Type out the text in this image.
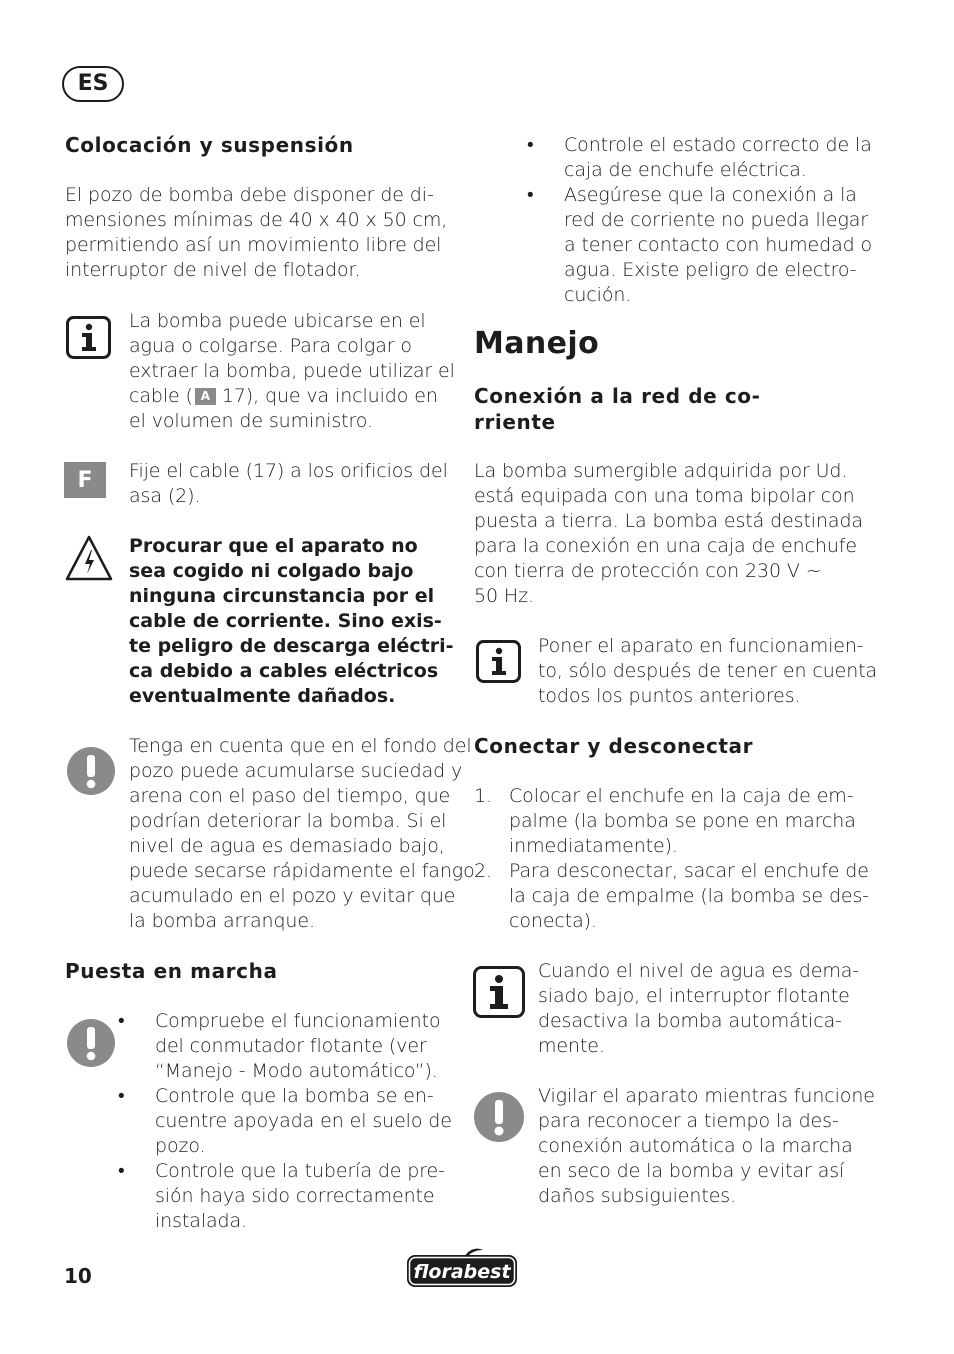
ES
Colocación y suspensión
El pozo de bomba debe disponer de di-
mensiones mínimas de 40 x 40 x 50 cm,
permitiendo así un movimiento libre del
interruptor de nivel de flotador.
La bomba puede ubicarse en el
agua o colgarse. Para colgar o
extraer la bomba, puede utilizar el
cable ( A 17), que va incluido en
el volumen de suministro.
F	Fije el cable (17) a los orificios del
asa (2).
Procurar que el aparato no
sea cogido ni colgado bajo
ninguna circunstancia por el
cable de corriente. Sino exis-
te peligro de descarga eléctri-
ca debido a cables eléctricos
eventualmente dañados.
Tenga en cuenta que en el fondo del
pozo puede acumularse suciedad y
arena con el paso del tiempo, que
podrían deteriorar la bomba. Si el
nivel de agua es demasiado bajo,
puede secarse rápidamente el fango
acumulado en el pozo y evitar que
la bomba arranque.
Puesta en marcha
• Compruebe el funcionamiento
del conmutador flotante (ver
“Manejo - Modo automático”).
• Controle que la bomba se en-
cuentre apoyada en el suelo de
pozo.
• Controle que la tubería de pre-
sión haya sido correctamente
instalada.
• Controle el estado correcto de la
caja de enchufe eléctrica.
• Asegúrese que la conexión a la
red de corriente no pueda llegar
a tener contacto con humedad o
agua. Existe peligro de electro-
cución.
Manejo
Conexión a la red de co-
rriente
La bomba sumergible adquirida por Ud.
está equipada con una toma bipolar con
puesta a tierra. La bomba está destinada
para la conexión en una caja de enchufe
con tierra de protección con 230 V ~
50 Hz.
Poner el aparato en funcionamien-
to, sólo después de tener en cuenta
todos los puntos anteriores.
Conectar y desconectar
1. Colocar el enchufe en la caja de em-
palme (la bomba se pone en marcha
inmediatamente).
2. Para desconectar, sacar el enchufe de
la caja de empalme (la bomba se des-
conecta).
Cuando el nivel de agua es dema-
siado bajo, el interruptor flotante
desactiva la bomba automática-
mente.
Vigilar el aparato mientras funcione
para reconocer a tiempo la des-
conexión automática o la marcha
en seco de la bomba y evitar así
daños subsiguientes.
10	florabest
